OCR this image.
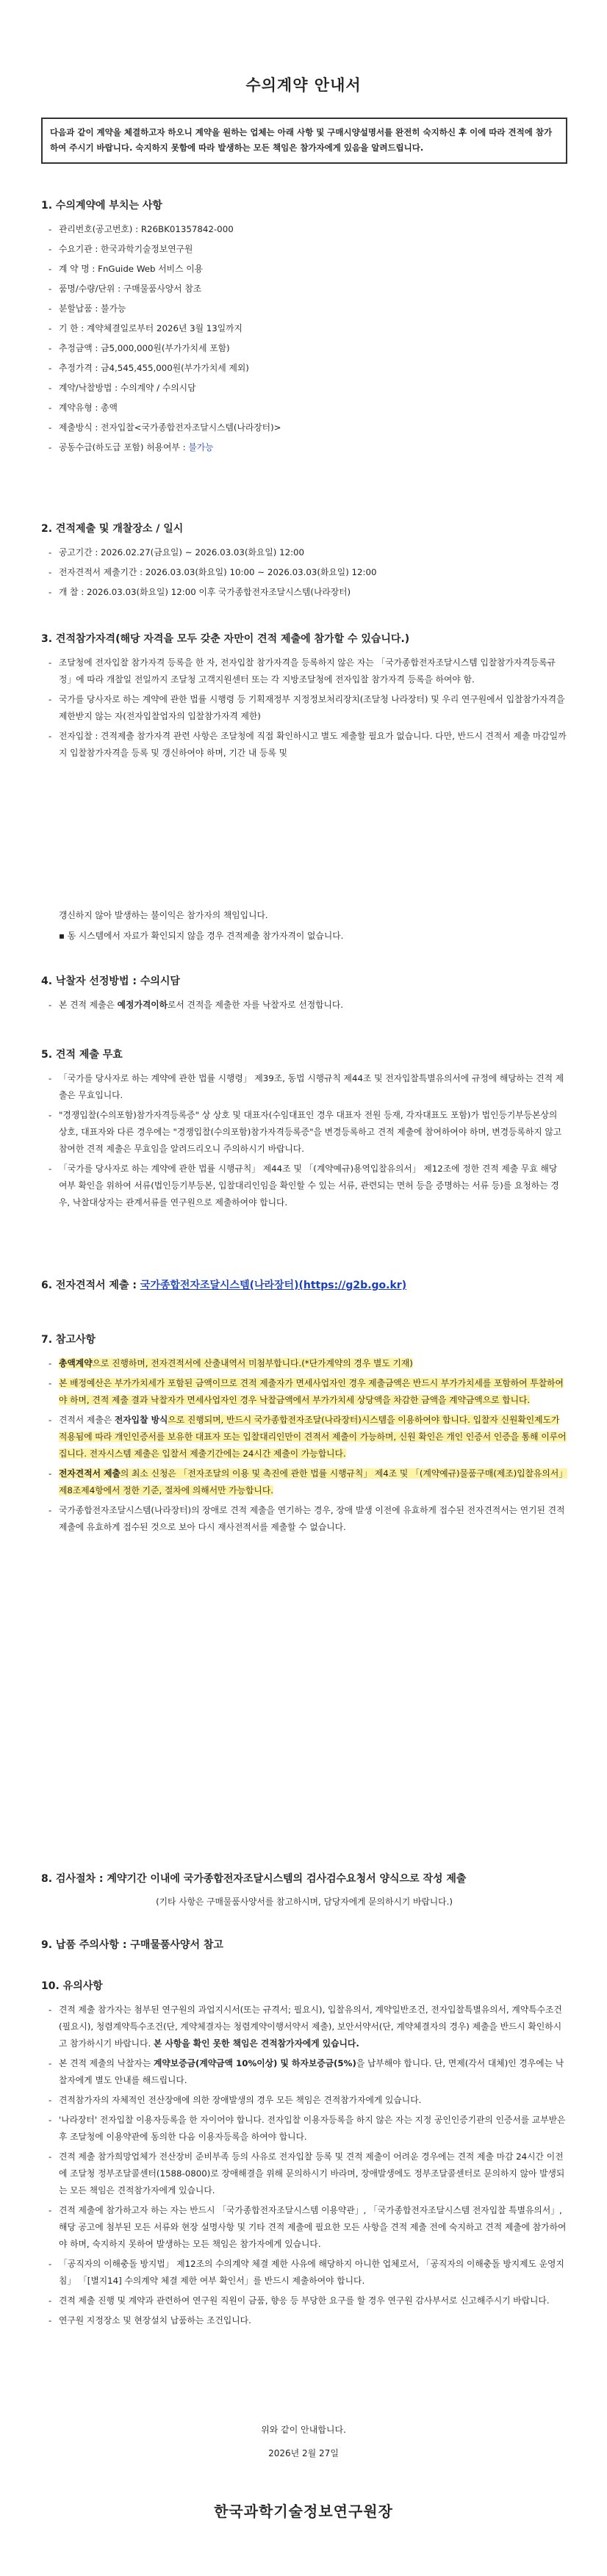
수의계약 안내서
다음과 같이 계약을 체결하고자 하오니 계약을 원하는 업체는 아래 사항 및 구매시양설명서를 완전히 숙지하신 후 이에 따라 견적에 참가하여 주시기 바랍니다. 숙지하지 못함에 따라 발생하는 모든 책임은 참가자에게 있음을 알려드립니다.
1. 수의계약에 부치는 사항
- 관리번호(공고번호) : R26BK01357842-000
- 수요기관 : 한국과학기술정보연구원
- 계 약 명 : FnGuide Web 서비스 이용
- 품명/수량/단위 : 구매물품사양서 참조
- 분할납품 : 불가능
- 기 한 : 계약체결일로부터 2026년 3월 13일까지
- 추정금액 : 금5,000,000원(부가가치세 포함)
- 추정가격 : 금4,545,455,000원(부가가치세 제외)
- 계약/낙찰방법 : 수의계약 / 수의시담
- 계약유형 : 총액
- 제출방식 : 전자입찰<국가종합전자조달시스템(나라장터)>
- 공동수급(하도급 포함) 허용여부 : 불가능
2. 견적제출 및 개찰장소 / 일시
- 공고기간 : 2026.02.27(금요일) ~ 2026.03.03(화요일) 12:00
- 전자견적서 제출기간 : 2026.03.03(화요일) 10:00 ~ 2026.03.03(화요일) 12:00
- 개 찰 : 2026.03.03(화요일) 12:00 이후 국가종합전자조달시스템(나라장터)
3. 견적참가자격(해당 자격을 모두 갖춘 자만이 견적 제출에 참가할 수 있습니다.)
- 조달청에 전자입찰 참가자격 등록을 한 자, 전자입찰 참가자격을 등록하지 않은 자는 「국가종합전자조달시스템 입찰참가자격등록규정」에 따라 개찰일 전일까지 조달청 고객지원센터 또는 각 지방조달청에 전자입찰 참가자격 등록을 하여야 함.
- 국가를 당사자로 하는 계약에 관한 법률 시행령 등 기획재정부 지정정보처리장치(조달청 나라장터) 및 우리 연구원에서 입찰참가자격을 제한받지 않는 자(전자입찰업자의 입찰참가자격 제한)
- 전자입찰 : 견적제출 참가자격 관련 사항은 조달청에 직접 확인하시고 별도 제출할 필요가 없습니다. 다만, 반드시 견적서 제출 마감일까지 입찰참가자격을 등록 및 갱신하여야 하며, 기간 내 등록 및
갱신하지 않아 발생하는 불이익은 참가자의 책임입니다.
▪ 동 시스템에서 자료가 확인되지 않을 경우 견적제출 참가자격이 없습니다.
4. 낙찰자 선정방법 : 수의시담
- 본 견적 제출은 예정가격이하로서 견적을 제출한 자를 낙찰자로 선정합니다.
5. 견적 제출 무효
- 「국가를 당사자로 하는 계약에 관한 법률 시행령」 제39조, 동법 시행규칙 제44조 및 전자입찰특별유의서에 규정에 해당하는 견적 제출은 무효입니다.
- "경쟁입찰(수의포함)참가자격등록증" 상 상호 및 대표자(수임대표인 경우 대표자 전원 등재, 각자대표도 포함)가 법인등기부등본상의 상호, 대표자와 다른 경우에는 "경쟁입찰(수의포함)참가자격등록증"을 변경등록하고 견적 제출에 참여하여야 하며, 변경등록하지 않고 참여한 견적 제출은 무효임을 알려드리오니 주의하시기 바랍니다.
- 「국가를 당사자로 하는 계약에 관한 법률 시행규칙」 제44조 및 「(계약예규)용역입찰유의서」 제12조에 정한 견적 제출 무효 해당 여부 확인을 위하여 서류(법인등기부등본, 입찰대리인임을 확인할 수 있는 서류, 관련되는 면허 등을 증명하는 서류 등)를 요청하는 경우, 낙찰대상자는 관계서류를 연구원으로 제출하여야 합니다.
6. 전자견적서 제출 : 국가종합전자조달시스템(나라장터)(https://g2b.go.kr)
7. 참고사항
- 총액계약으로 진행하며, 전자견적서에 산출내역서 미첨부합니다.(*단가계약의 경우 별도 기재)
- 본 배정예산은 부가가치세가 포함된 금액이므로 견적 제출자가 면세사업자인 경우 제출금액은 반드시 부가가치세를 포함하여 투찰하여야 하며, 견적 제출 결과 낙찰자가 면세사업자인 경우 낙찰금액에서 부가가치세 상당액을 차감한 금액을 계약금액으로 합니다.
- 견적서 제출은 전자입찰 방식으로 진행되며, 반드시 국가종합전자조달(나라장터)시스템을 이용하여야 합니다. 입찰자 신원확인제도가 적용됨에 따라 개인인증서를 보유한 대표자 또는 입찰대리인만이 견적서 제출이 가능하며, 신원 확인은 개인 인증서 인증을 통해 이루어집니다. 전자시스템 제출은 입찰서 제출기간에는 24시간 제출이 가능합니다.
- 전자견적서 제출의 최소 신청은 「전자조달의 이용 및 촉진에 관한 법률 시행규칙」 제4조 및 「(계약예규)물품구매(제조)입찰유의서」 제8조제4항에서 정한 기준, 절차에 의해서만 가능합니다.
- 국가종합전자조달시스템(나라장터)의 장애로 견적 제출을 연기하는 경우, 장애 발생 이전에 유효하게 접수된 전자견적서는 연기된 견적 제출에 유효하게 접수된 것으로 보아 다시 재사전적서를 제출할 수 없습니다.
8. 검사절차 : 계약기간 이내에 국가종합전자조달시스템의 검사검수요청서 양식으로 작성 제출
(기타 사항은 구매물품사양서를 참고하시며, 담당자에게 문의하시기 바랍니다.)
9. 납품 주의사항 : 구매물품사양서 참고
10. 유의사항
- 견적 제출 참가자는 첨부된 연구원의 과업지시서(또는 규격서; 필요시), 입찰유의서, 계약일반조건, 전자입찰특별유의서, 계약특수조건(필요시), 청렴계약특수조건(단, 계약체결자는 청렴계약이행서약서 제출), 보안서약서(단, 계약체결자의 경우) 제출을 반드시 확인하시고 참가하시기 바랍니다. 본 사항을 확인 못한 책임은 견적참가자에게 있습니다.
- 본 견적 제출의 낙찰자는 계약보증금(계약금액 10%이상) 및 하자보증금(5%)을 납부해야 합니다. 단, 면제(각서 대체)인 경우에는 낙찰자에게 별도 안내를 해드립니다.
- 견적참가자의 자체적인 전산장애에 의한 장애발생의 경우 모든 책임은 견적참가자에게 있습니다.
- '나라장터' 전자입찰 이용자등록을 한 자이어야 합니다. 전자입찰 이용자등록을 하지 않은 자는 지정 공인인증기관의 인증서를 교부받은 후 조달청에 이용약관에 동의한 다음 이용자등록을 하여야 합니다.
- 견적 제출 참가희망업체가 전산장비 준비부족 등의 사유로 전자입찰 등록 및 견적 제출이 어려운 경우에는 견적 제출 마감 24시간 이전에 조달청 정부조달콜센터(1588-0800)로 장애해결을 위해 문의하시기 바라며, 장애발생에도 정부조달콜센터로 문의하지 않아 발생되는 모든 책임은 견적참가자에게 있습니다.
- 견적 제출에 참가하고자 하는 자는 반드시 「국가종합전자조달시스템 이용약관」, 「국가종합전자조달시스템 전자입찰 특별유의서」, 해당 공고에 첨부된 모든 서류와 현장 설명사항 및 기타 견적 제출에 필요한 모든 사항을 견적 제출 전에 숙지하고 견적 제출에 참가하여야 하며, 숙지하지 못하여 발생하는 모든 책임은 참가자에게 있습니다.
- 「공직자의 이해충돌 방지법」 제12조의 수의계약 체결 제한 사유에 해당하지 아니한 업체로서, 「공직자의 이해충돌 방지제도 운영지침」 「[별지14] 수의계약 체결 제한 여부 확인서」를 반드시 제출하여야 합니다.
- 견적 제출 진행 및 계약과 관련하여 연구원 직원이 금품, 향응 등 부당한 요구를 할 경우 연구원 감사부서로 신고해주시기 바랍니다.
- 연구원 지정장소 및 현장설치 납품하는 조건입니다.
위와 같이 안내합니다.
2026년 2월 27일
한국과학기술정보연구원장
